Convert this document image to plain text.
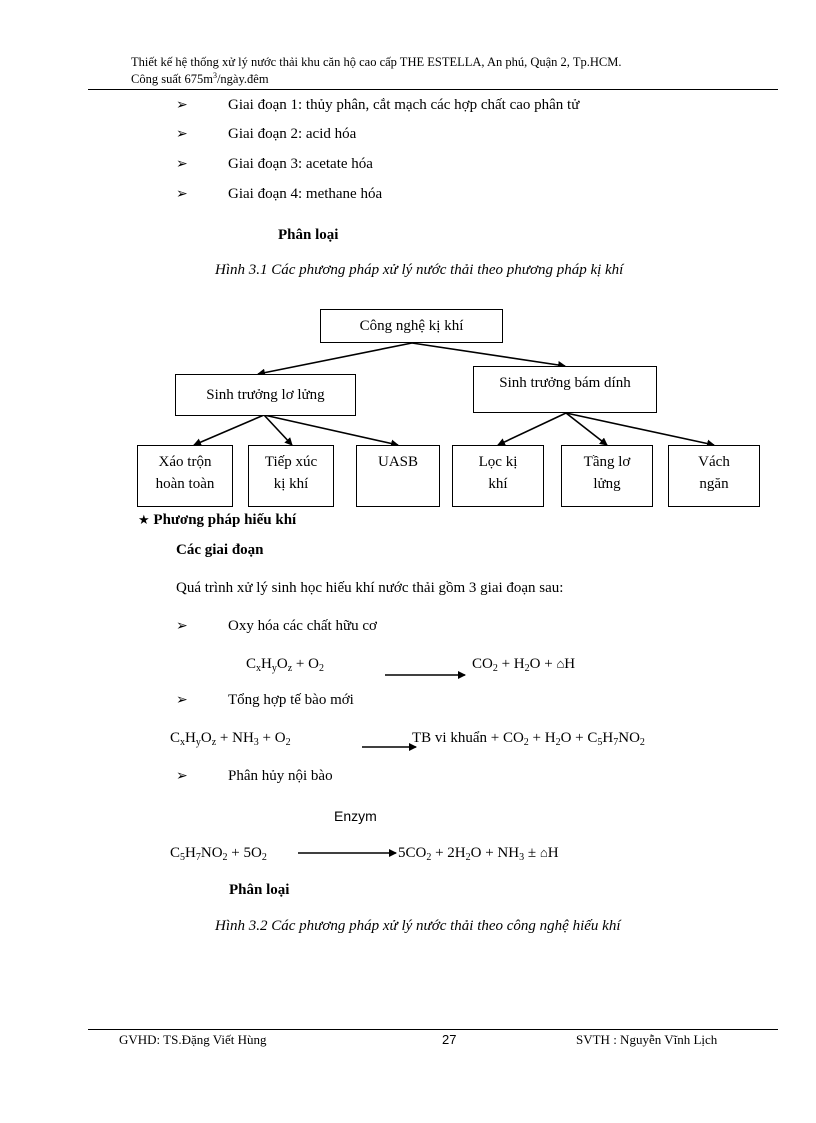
Thiết kế hệ thống xử lý nước thải khu căn hộ cao cấp THE ESTELLA, An phú, Quận 2, Tp.HCM.
Công suất $675m^3/ngày.đêm$
➢	Giai đoạn 1: thủy phân, cắt mạch các hợp chất cao phân tử
➢	Giai đoạn 2: acid hóa
➢	Giai đoạn 3: acetate hóa
➢	Giai đoạn 4: methane hóa
Phân loại
Hình 3.1 Các phương pháp xử lý nước thải theo phương pháp kị khí
Công nghệ kị khí
Sinh trưởng lơ lửng
Sinh trưởng bám dính
Xáo trộn
hoàn toàn
Tiếp xúc
kị khí
UASB	Lọc kị
khí
Tầng lơ
lửng
Vách
ngăn
★ Phương pháp hiếu khí
Các giai đoạn
Quá trình xử lý sinh học hiếu khí nước thải gồm 3 giai đoạn sau:
➢	Oxy hóa các chất hữu cơ
$C_xH_yO_z + O_2$	$CO_2 + H_2O$ + ⌂H
➢	Tổng hợp tế bào mới
$C_xH_yO_z + NH_3 + O_2$	TB vi khuẩn + $CO_2 + H_2O + C_5H_7NO_2$
➢	Phân hủy nội bào
Enzym
$C_5H_7NO_2 + 5O_2$	$5CO_2 + 2H_2O + NH_3$ ± ⌂H
Phân loại
Hình 3.2 Các phương pháp xử lý nước thải theo công nghệ hiếu khí
GVHD: TS.Đặng Viết Hùng	27	SVTH : Nguyễn Vĩnh Lịch
